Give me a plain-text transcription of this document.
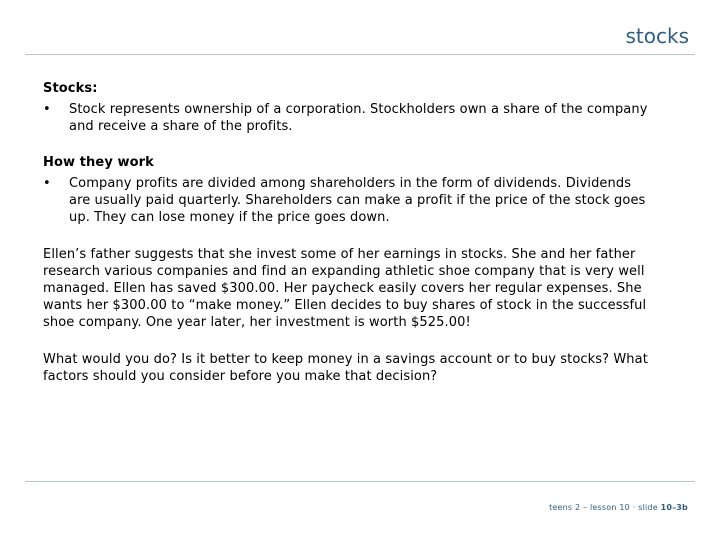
stocks

Stocks:

• Stock represents ownership of a corporation. Stockholders own a share of the company and receive a share of the profits.

How they work

• Company profits are divided among shareholders in the form of dividends. Dividends are usually paid quarterly. Shareholders can make a profit if the price of the stock goes up. They can lose money if the price goes down.

Ellen’s father suggests that she invest some of her earnings in stocks. She and her father research various companies and find an expanding athletic shoe company that is very well managed. Ellen has saved $300.00. Her paycheck easily covers her regular expenses. She wants her $300.00 to “make money.” Ellen decides to buy shares of stock in the successful shoe company. One year later, her investment is worth $525.00!

What would you do? Is it better to keep money in a savings account or to buy stocks? What factors should you consider before you make that decision?

teens 2 – lesson 10 · slide 10–3b
